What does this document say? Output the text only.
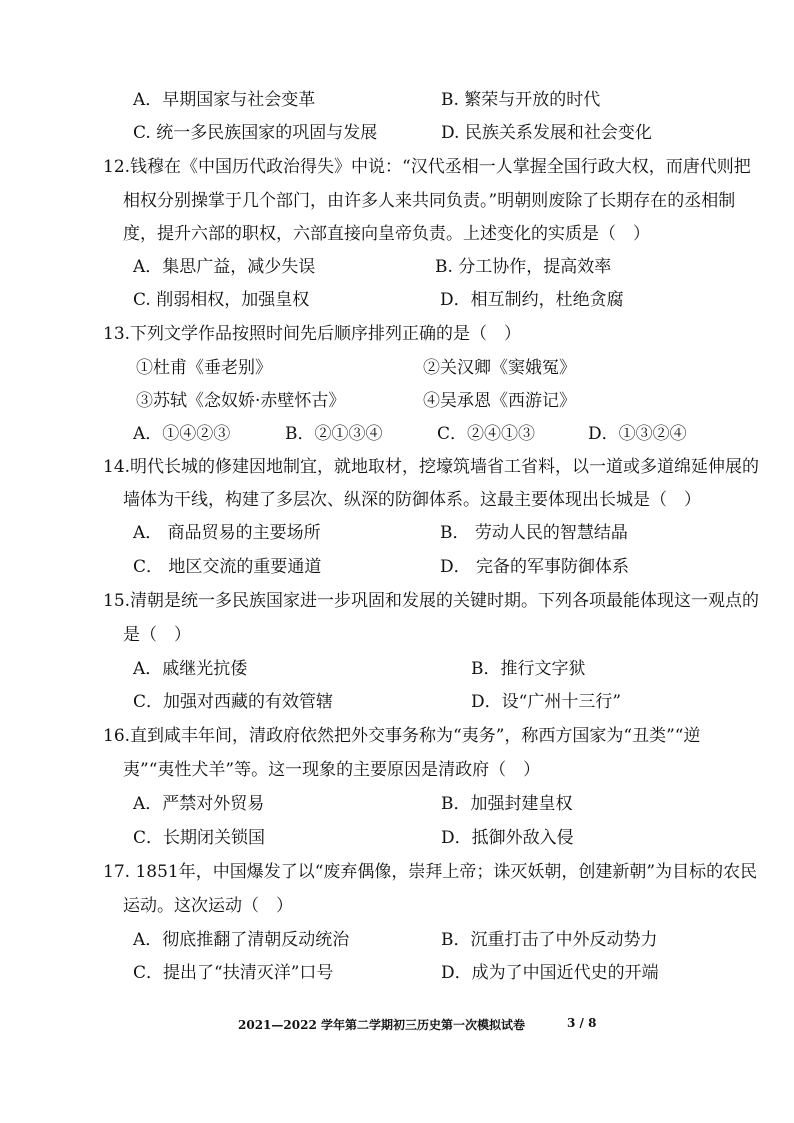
A．早期国家与社会变革	B. 繁荣与开放的时代
C. 统一多民族国家的巩固与发展	D. 民族关系发展和社会变化
12.钱穆在《中国历代政治得失》中说：“汉代丞相一人掌握全国行政大权，而唐代则把
相权分别操掌于几个部门，由许多人来共同负责。”明朝则废除了长期存在的丞相制
度，提升六部的职权，六部直接向皇帝负责。上述变化的实质是（　）
A．集思广益，减少失误	B. 分工协作，提高效率
C. 削弱相权，加强皇权	D．相互制约，杜绝贪腐
13.下列文学作品按照时间先后顺序排列正确的是（　）
①杜甫《垂老别》	②关汉卿《窦娥冤》
③苏轼《念奴娇·赤壁怀古》	④吴承恩《西游记》
A．①④②③	B．②①③④	C．②④①③	D．①③②④
14.明代长城的修建因地制宜，就地取材，挖壕筑墙省工省料，以一道或多道绵延伸展的
墙体为干线，构建了多层次、纵深的防御体系。这最主要体现出长城是（　）
A． 商品贸易的主要场所	B． 劳动人民的智慧结晶
C． 地区交流的重要通道	D． 完备的军事防御体系
15.清朝是统一多民族国家进一步巩固和发展的关键时期。下列各项最能体现这一观点的
是（　）
A．戚继光抗倭	B．推行文字狱
C．加强对西藏的有效管辖	D．设“广州十三行”
16.直到咸丰年间，清政府依然把外交事务称为“夷务”，称西方国家为“丑类”“逆
夷”“夷性犬羊”等。这一现象的主要原因是清政府（　）
A．严禁对外贸易	B．加强封建皇权
C．长期闭关锁国	D．抵御外敌入侵
17. 1851年，中国爆发了以“废弃偶像，崇拜上帝；诛灭妖朝，创建新朝”为目标的农民
运动。这次运动（　）
A．彻底推翻了清朝反动统治	B．沉重打击了中外反动势力
C．提出了“扶清灭洋”口号	D．成为了中国近代史的开端
2021—2022 学年第二学期初三历史第一次模拟试卷	3 / 8
